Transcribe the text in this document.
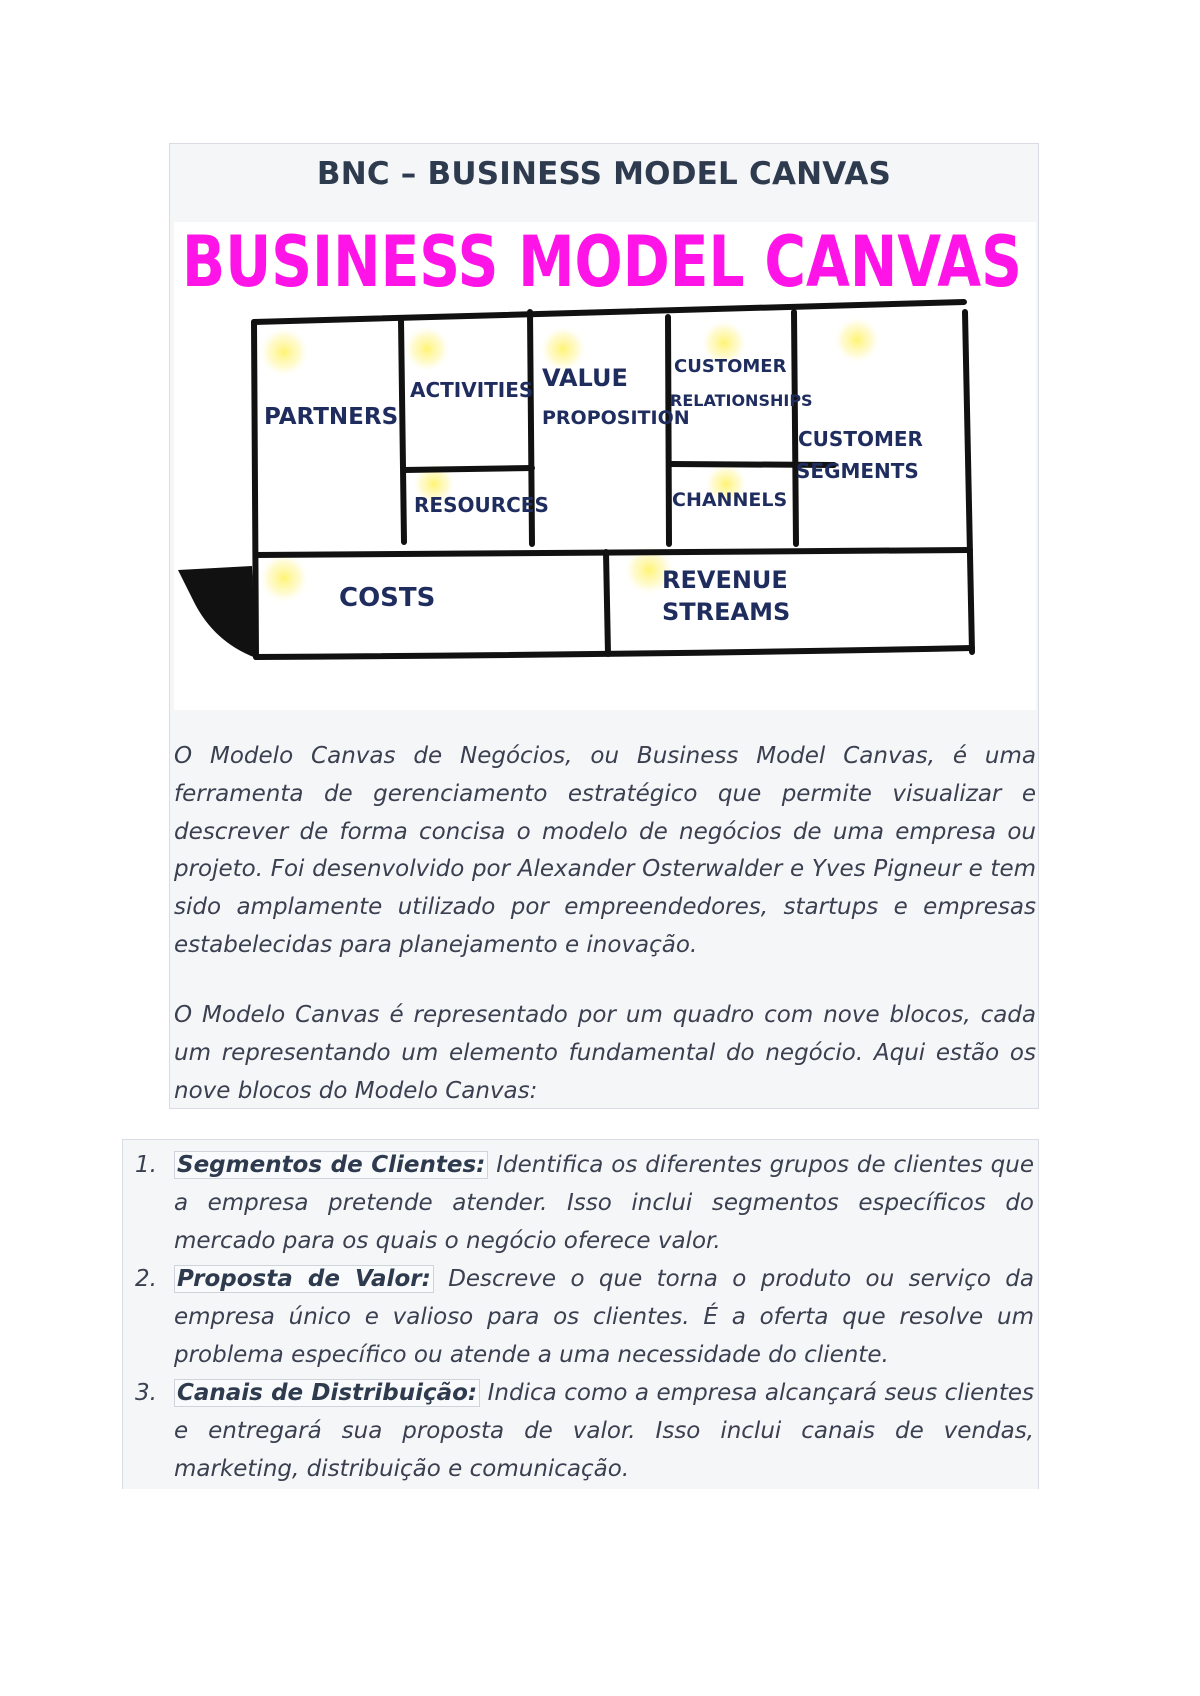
BNC – BUSINESS MODEL CANVAS
BUSINESS MODEL CANVAS
PARTNERS
ACTIVITIES
RESOURCES
VALUE
PROPOSITION
CUSTOMER
RELATIONSHIPS
CHANNELS
CUSTOMER
SEGMENTS
COSTS
REVENUE
STREAMS

O Modelo Canvas de Negócios, ou Business Model Canvas, é uma ferramenta de gerenciamento estratégico que permite visualizar e descrever de forma concisa o modelo de negócios de uma empresa ou projeto. Foi desenvolvido por Alexander Osterwalder e Yves Pigneur e tem sido amplamente utilizado por empreendedores, startups e empresas estabelecidas para planejamento e inovação.

O Modelo Canvas é representado por um quadro com nove blocos, cada um representando um elemento fundamental do negócio. Aqui estão os nove blocos do Modelo Canvas:

1. Segmentos de Clientes: Identifica os diferentes grupos de clientes que a empresa pretende atender. Isso inclui segmentos específicos do mercado para os quais o negócio oferece valor.

2. Proposta de Valor: Descreve o que torna o produto ou serviço da empresa único e valioso para os clientes. É a oferta que resolve um problema específico ou atende a uma necessidade do cliente.

3. Canais de Distribuição: Indica como a empresa alcançará seus clientes e entregará sua proposta de valor. Isso inclui canais de vendas, marketing, distribuição e comunicação.
